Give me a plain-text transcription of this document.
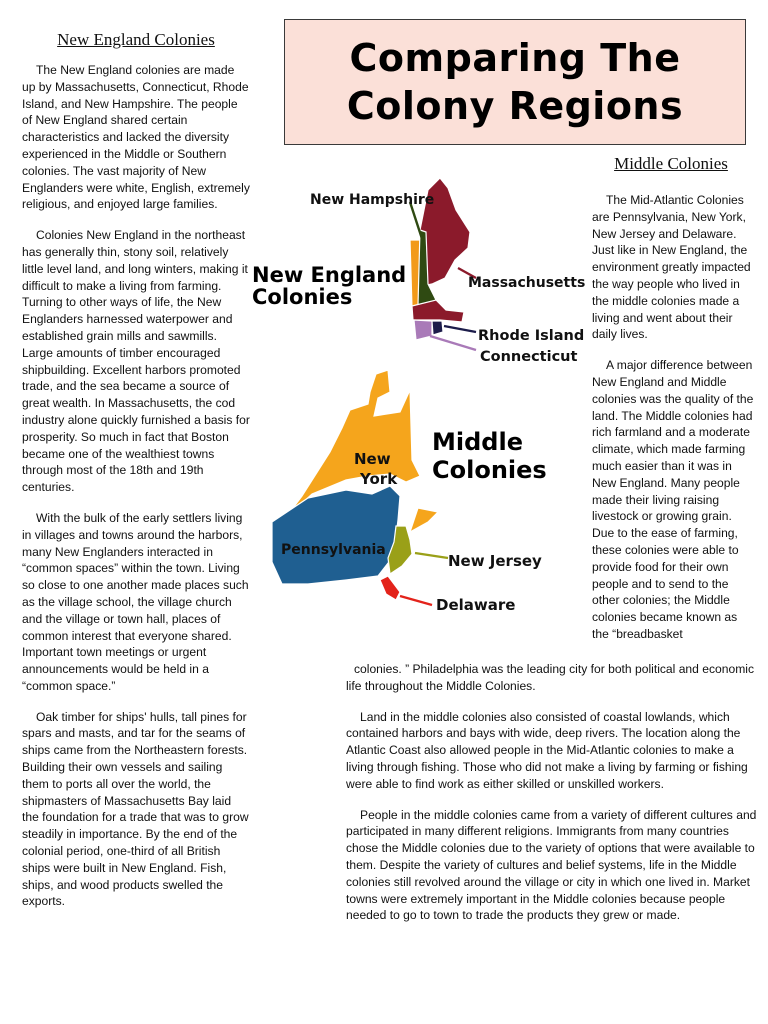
New England Colonies

The New England colonies are made up by Massachusetts, Connecticut, Rhode Island, and New Hampshire. The people of New England shared certain characteristics and lacked the diversity experienced in the Middle or Southern colonies. The vast majority of New Englanders were white, English, extremely religious, and enjoyed large families.

Colonies New England in the northeast has generally thin, stony soil, relatively little level land, and long winters, making it difficult to make a living from farming. Turning to other ways of life, the New Englanders harnessed waterpower and established grain mills and sawmills. Large amounts of timber encouraged shipbuilding. Excellent harbors promoted trade, and the sea became a source of great wealth. In Massachusetts, the cod industry alone quickly furnished a basis for prosperity. So much in fact that Boston became one of the wealthiest towns through most of the 18th and 19th centuries.

With the bulk of the early settlers living in villages and towns around the harbors, many New Englanders interacted in “common spaces” within the town. Living so close to one another made places such as the village school, the village church and the village or town hall, places of common interest that everyone shared. Important town meetings or urgent announcements would be held in a “common space.”

Oak timber for ships' hulls, tall pines for spars and masts, and tar for the seams of ships came from the Northeastern forests. Building their own vessels and sailing them to ports all over the world, the shipmasters of Massachusetts Bay laid the foundation for a trade that was to grow steadily in importance. By the end of the colonial period, one-third of all British ships were built in New England. Fish, ships, and wood products swelled the exports.

Comparing The
Colony Regions
Middle Colonies

The Mid-Atlantic Colonies are Pennsylvania, New York, New Jersey and Delaware. Just like in New England, the environment greatly impacted the way people who lived in the middle colonies made a living and went about their daily lives.

A major difference between New England and Middle colonies was the quality of the land. The Middle colonies had rich farmland and a moderate climate, which made farming much easier than it was in New England. Many people made their living raising livestock or growing grain. Due to the ease of farming, these colonies were able to provide food for their own people and to send to the other colonies; the Middle colonies became known as the “breadbasket

New Hampshire
Massachusetts
Rhode Island
Connecticut
New England
Colonies
New
York
Pennsylvania
New Jersey
Delaware
Middle
Colonies

colonies. ” Philadelphia was the leading city for both political and economic life throughout the Middle Colonies.

Land in the middle colonies also consisted of coastal lowlands, which contained harbors and bays with wide, deep rivers. The location along the Atlantic Coast also allowed people in the Mid-Atlantic colonies to make a living through fishing. Those who did not make a living by farming or fishing were able to find work as either skilled or unskilled workers.

People in the middle colonies came from a variety of different cultures and participated in many different religions. Immigrants from many countries chose the Middle colonies due to the variety of options that were available to them. Despite the variety of cultures and belief systems, life in the Middle colonies still revolved around the village or city in which one lived in. Market towns were extremely important in the Middle colonies because people needed to go to town to trade the products they grew or made.
